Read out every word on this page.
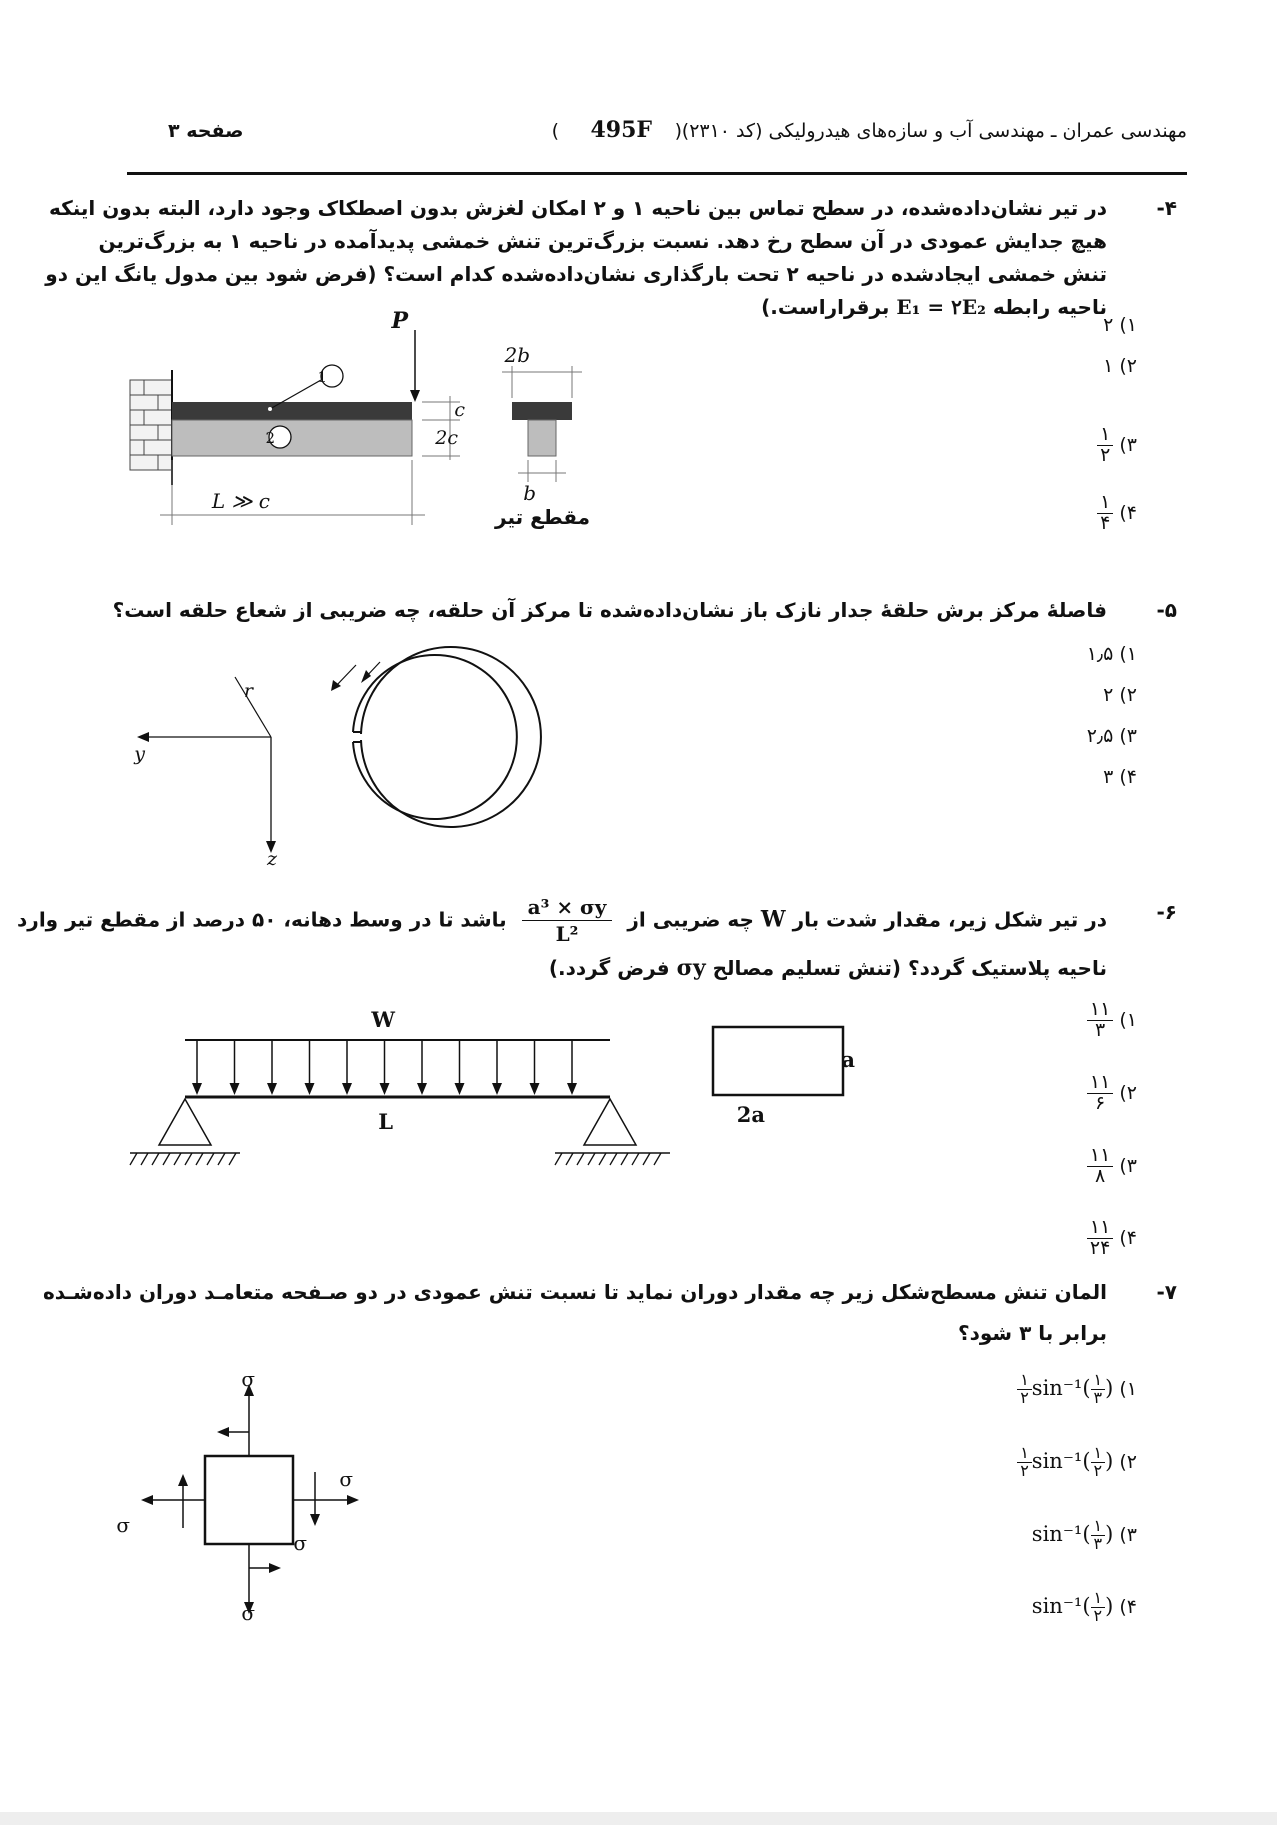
مهندسی عمران ـ مهندسی آب و سازه‌های هیدرولیکی (کد ۲۳۱۰)
(
495F
)
صفحه ۳
۴-
در تیر نشان‌داده‌شده، در سطح تماس بین ناحیه ۱ و ۲ امکان لغزش بدون اصطکاک وجود دارد، البته بدون اینکه
هیچ جدایش عمودی در آن سطح رخ دهد. نسبت بزرگ‌ترین تنش خمشی پدیدآمده در ناحیه ۱ به بزرگ‌ترین
تنش خمشی ایجادشده در ناحیه ۲ تحت بارگذاری نشان‌داده‌شده کدام است؟ (فرض شود بین مدول یانگ این دو
ناحیه رابطه E₁ = ۲E₂ برقراراست.)
۱) ۲
۲) ۱
۳)
$\frac{۱}{۲}$
۴)
$\frac{۱}{۴}$
P
1
2
c
2c
L ≫ c
2b
b
مقطع تیر
۵-
فاصلهٔ مرکز برش حلقهٔ جدار نازک باز نشان‌داده‌شده تا مرکز آن حلقه، چه ضریبی از شعاع حلقه است؟
۱) ۱٫۵
۲) ۲
۳) ۲٫۵
۴) ۳
y
z
r
۶-
در تیر شکل زیر، مقدار شدت بار W چه ضریبی از
$\frac{\text{a³ × σy}}{\text{L²}}$
باشد تا در وسط دهانه، ۵۰ درصد از مقطع تیر وارد
ناحیه پلاستیک گردد؟ (تنش تسلیم مصالح σy فرض گردد.)
۱)
$\frac{۱۱}{۳}$
۲)
$\frac{۱۱}{۶}$
۳)
$\frac{۱۱}{۸}$
۴)
$\frac{۱۱}{۲۴}$
W
L
a
2a
۷-
المان تنش مسطح‌شکل زیر چه مقدار دوران نماید تا نسبت تنش عمودی در دو صـفحه متعامـد دوران داده‌شـده
برابر با ۳ شود؟
۱)
$\frac{۱}{۲} \sin^{-1}( \frac{۱}{۳}$ )
۲)
$\frac{۱}{۲} \sin^{-1}( \frac{۱}{۲}$ )
۳) $\sin^{-1}( \frac{۱}{۳}$ )
۴) $\sin^{-1}( \frac{۱}{۲}$ )
σ
σ
σ
σ
σ
